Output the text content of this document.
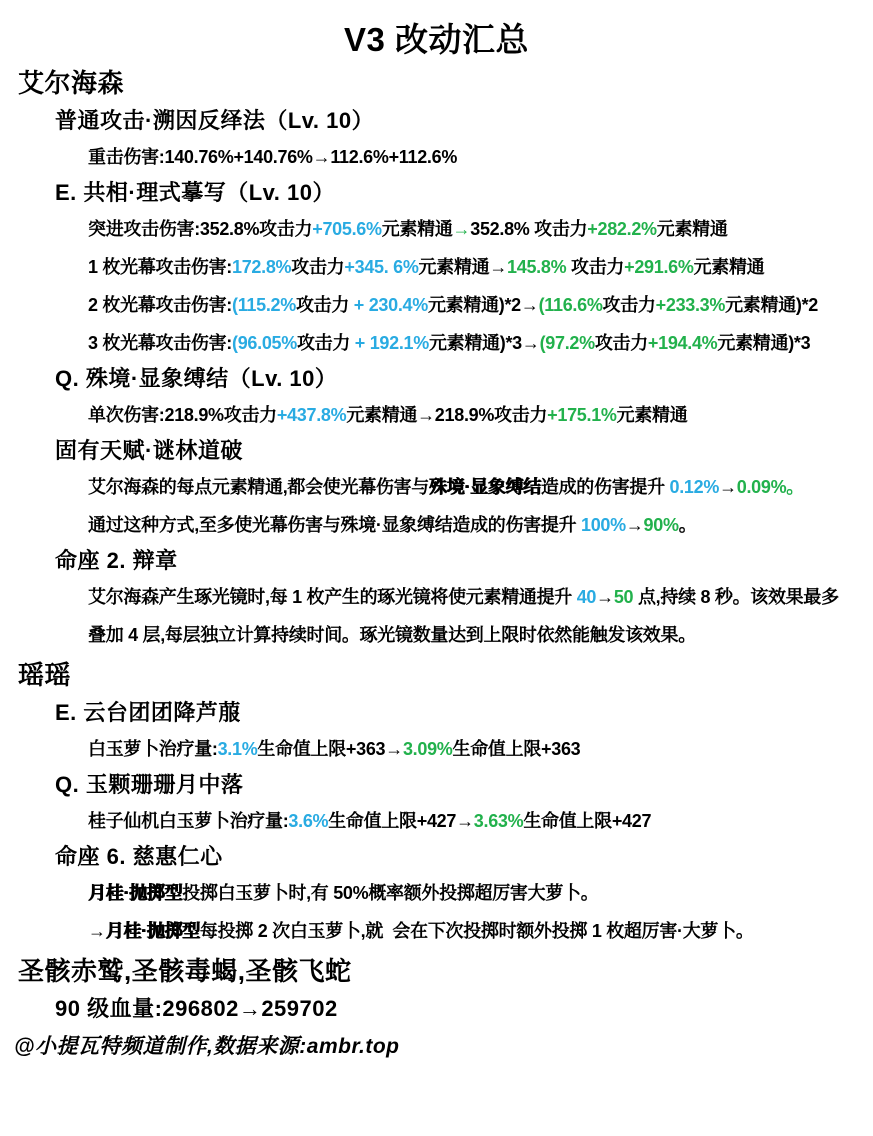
V3 改动汇总
艾尔海森
普通攻击·溯因反绎法（Lv. 10）
重击伤害:140.76%+140.76%→112.6%+112.6%
E. 共相·理式摹写（Lv. 10）
突进攻击伤害:352.8%攻击力+705.6%元素精通→352.8% 攻击力+282.2%元素精通
1 枚光幕攻击伤害:172.8%攻击力+345. 6%元素精通→145.8% 攻击力+291.6%元素精通
2 枚光幕攻击伤害:(115.2%攻击力 + 230.4%元素精通)*2→(116.6%攻击力+233.3%元素精通)*2
3 枚光幕攻击伤害:(96.05%攻击力 + 192.1%元素精通)*3→(97.2%攻击力+194.4%元素精通)*3
Q. 殊境·显象缚结（Lv. 10）
单次伤害:218.9%攻击力+437.8%元素精通→218.9%攻击力+175.1%元素精通
固有天赋·谜林道破
艾尔海森的每点元素精通,都会使光幕伤害与殊境·显象缚结造成的伤害提升 0.12%→0.09%。
通过这种方式,至多使光幕伤害与殊境·显象缚结造成的伤害提升 100%→90%。
命座 2. 辩章
艾尔海森产生琢光镜时,每 1 枚产生的琢光镜将使元素精通提升 40→50 点,持续 8 秒。该效果最多叠加 4 层,每层独立计算持续时间。琢光镜数量达到上限时依然能触发该效果。
瑶瑶
E. 云台团团降芦菔
白玉萝卜治疗量:3.1%生命值上限+363→3.09%生命值上限+363
Q. 玉颗珊珊月中落
桂子仙机白玉萝卜治疗量:3.6%生命值上限+427→3.63%生命值上限+427
命座 6. 慈惠仁心
月桂·抛掷型投掷白玉萝卜时,有 50%概率额外投掷超厉害大萝卜。
→月桂·抛掷型每投掷 2 次白玉萝卜,就  会在下次投掷时额外投掷 1 枚超厉害·大萝卜。
圣骸赤鹫,圣骸毒蝎,圣骸飞蛇
90 级血量:296802→259702
@小提瓦特频道制作,数据来源:ambr.top
